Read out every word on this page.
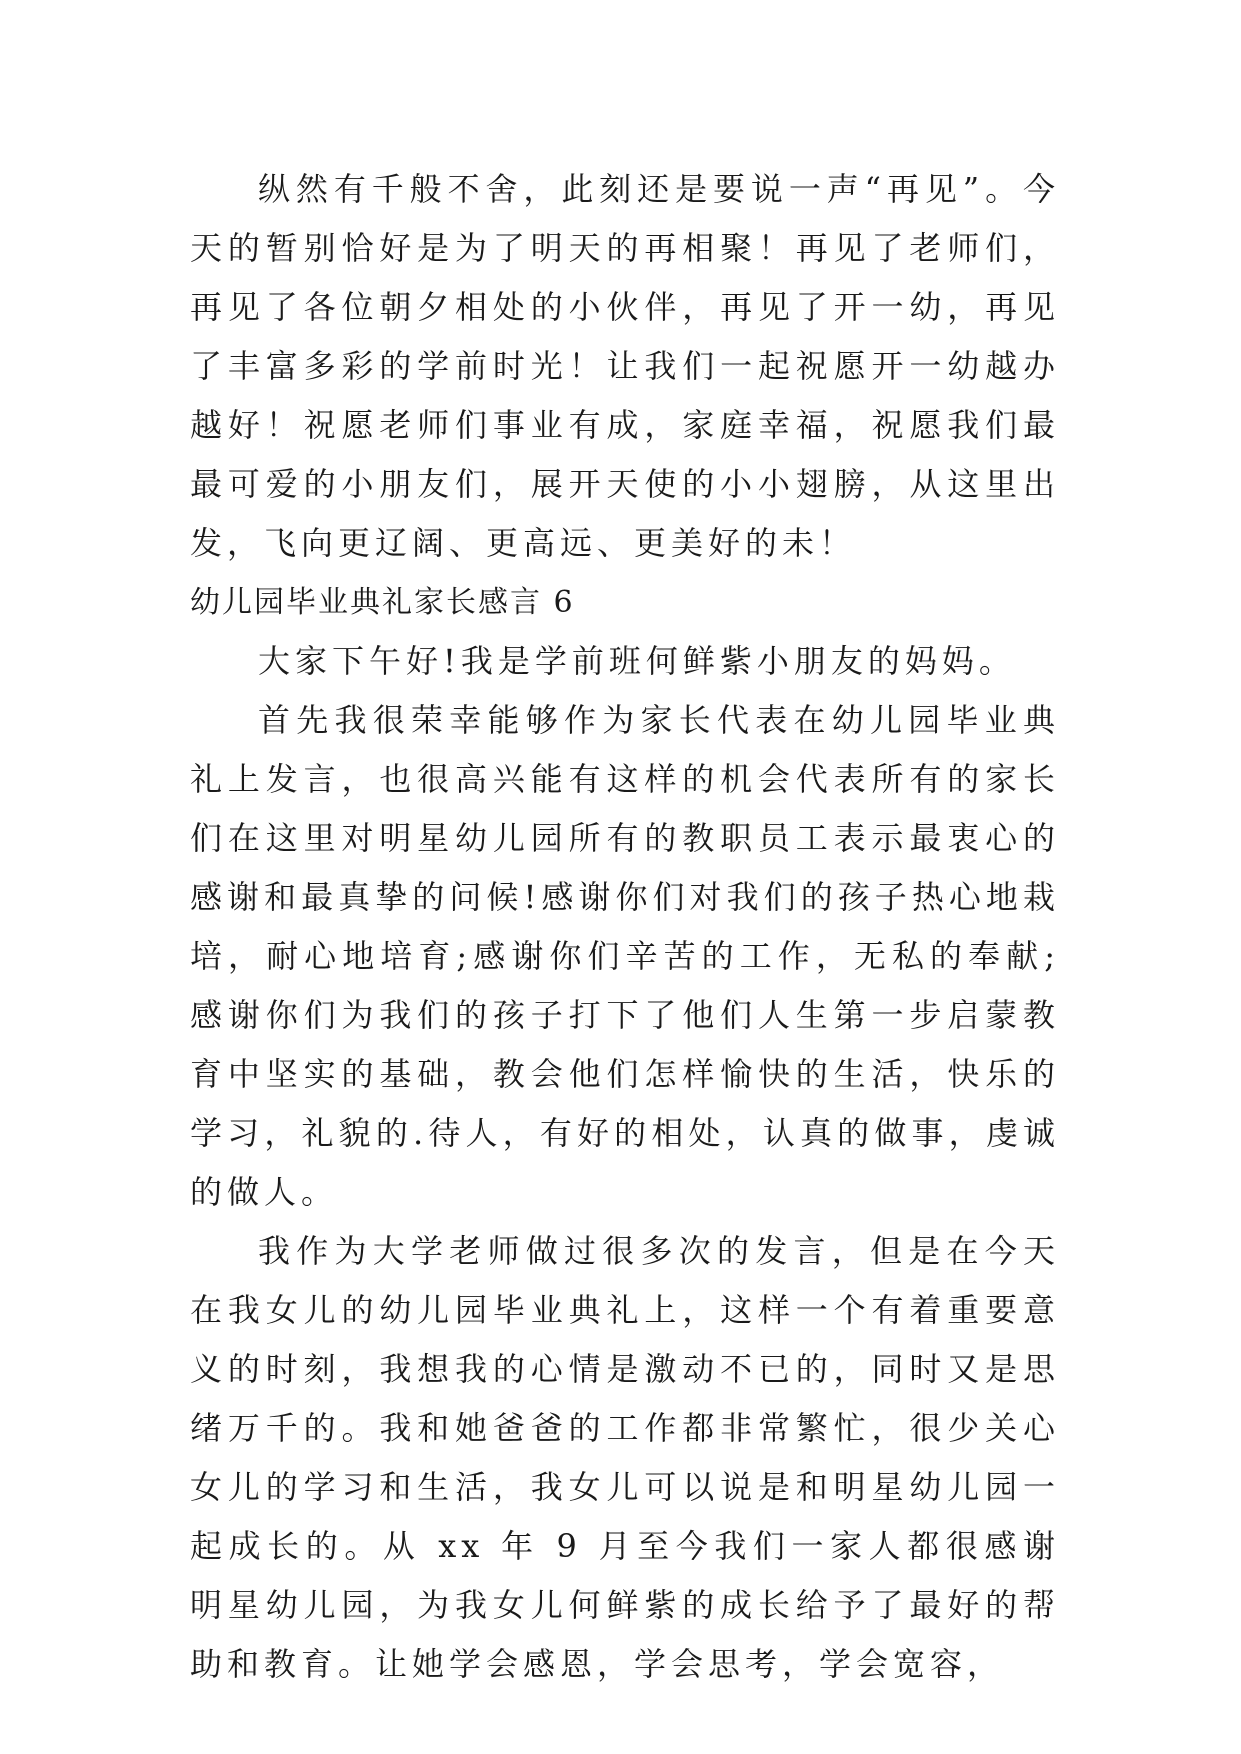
纵然有千般不舍，此刻还是要说一声“再见”。今天的暂别恰好是为了明天的再相聚！再见了老师们，再见了各位朝夕相处的小伙伴，再见了开一幼，再见了丰富多彩的学前时光！让我们一起祝愿开一幼越办越好！祝愿老师们事业有成，家庭幸福，祝愿我们最最可爱的小朋友们，展开天使的小小翅膀，从这里出发，飞向更辽阔、更高远、更美好的未！

幼儿园毕业典礼家长感言 6

大家下午好!我是学前班何鲜紫小朋友的妈妈。

首先我很荣幸能够作为家长代表在幼儿园毕业典礼上发言，也很高兴能有这样的机会代表所有的家长们在这里对明星幼儿园所有的教职员工表示最衷心的感谢和最真挚的问候!感谢你们对我们的孩子热心地栽培，耐心地培育;感谢你们辛苦的工作，无私的奉献;感谢你们为我们的孩子打下了他们人生第一步启蒙教育中坚实的基础，教会他们怎样愉快的生活，快乐的学习，礼貌的.待人，有好的相处，认真的做事，虔诚的做人。

我作为大学老师做过很多次的发言，但是在今天在我女儿的幼儿园毕业典礼上，这样一个有着重要意义的时刻，我想我的心情是激动不已的，同时又是思绪万千的。我和她爸爸的工作都非常繁忙，很少关心女儿的学习和生活，我女儿可以说是和明星幼儿园一起成长的。从 xx 年 9 月至今我们一家人都很感谢明星幼儿园，为我女儿何鲜紫的成长给予了最好的帮助和教育。让她学会感恩，学会思考，学会宽容，
